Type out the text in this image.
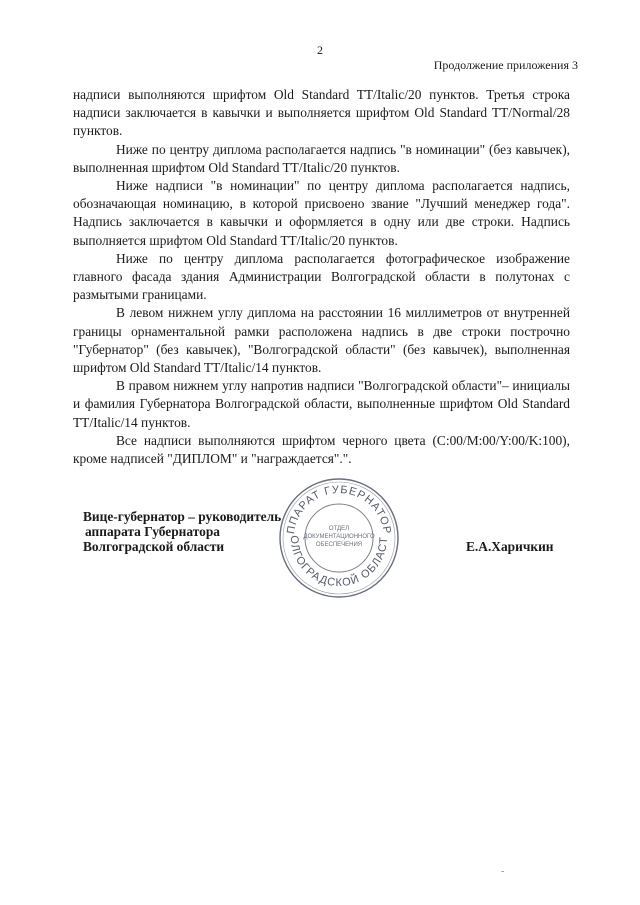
2
Продолжение приложения 3

надписи выполняются шрифтом Old Standard TT/Italic/20 пунктов. Третья строка надписи заключается в кавычки и выполняется шрифтом Old Standard TT/Normal/28 пунктов.

Ниже по центру диплома располагается надпись "в номинации" (без кавычек), выполненная шрифтом Old Standard TT/Italic/20 пунктов.

Ниже надписи "в номинации" по центру диплома располагается надпись, обозначающая номинацию, в которой присвоено звание "Лучший менеджер года". Надпись заключается в кавычки и оформляется в одну или две строки. Надпись выполняется шрифтом Old Standard TT/Italic/20 пунктов.

Ниже по центру диплома располагается фотографическое изображение главного фасада здания Администрации Волгоградской области в полутонах с размытыми границами.

В левом нижнем углу диплома на расстоянии 16 миллиметров от внутренней границы орнаментальной рамки расположена надпись в две строки построчно "Губернатор" (без кавычек), "Волгоградской области" (без кавычек), выполненная шрифтом Old Standard TT/Italic/14 пунктов.

В правом нижнем углу напротив надписи "Волгоградской области"– инициалы и фамилия Губернатора Волгоградской области, выполненные шрифтом Old Standard TT/Italic/14 пунктов.

Все надписи выполняются шрифтом черного цвета (C:00/M:00/Y:00/K:100), кроме надписей "ДИПЛОМ" и "награждается".".

Вице-губернатор – руководитель
аппарата Губернатора
Волгоградской области	Е.А.Харичкин
ППАРАТ ГУБЕРНАТОР
ОЛГОГРАДСКОЙ ОБЛАСТ
ОТДЕЛ
ДОКУМЕНТАЦИОННОГО
ОБЕСПЕЧЕНИЯ
-
